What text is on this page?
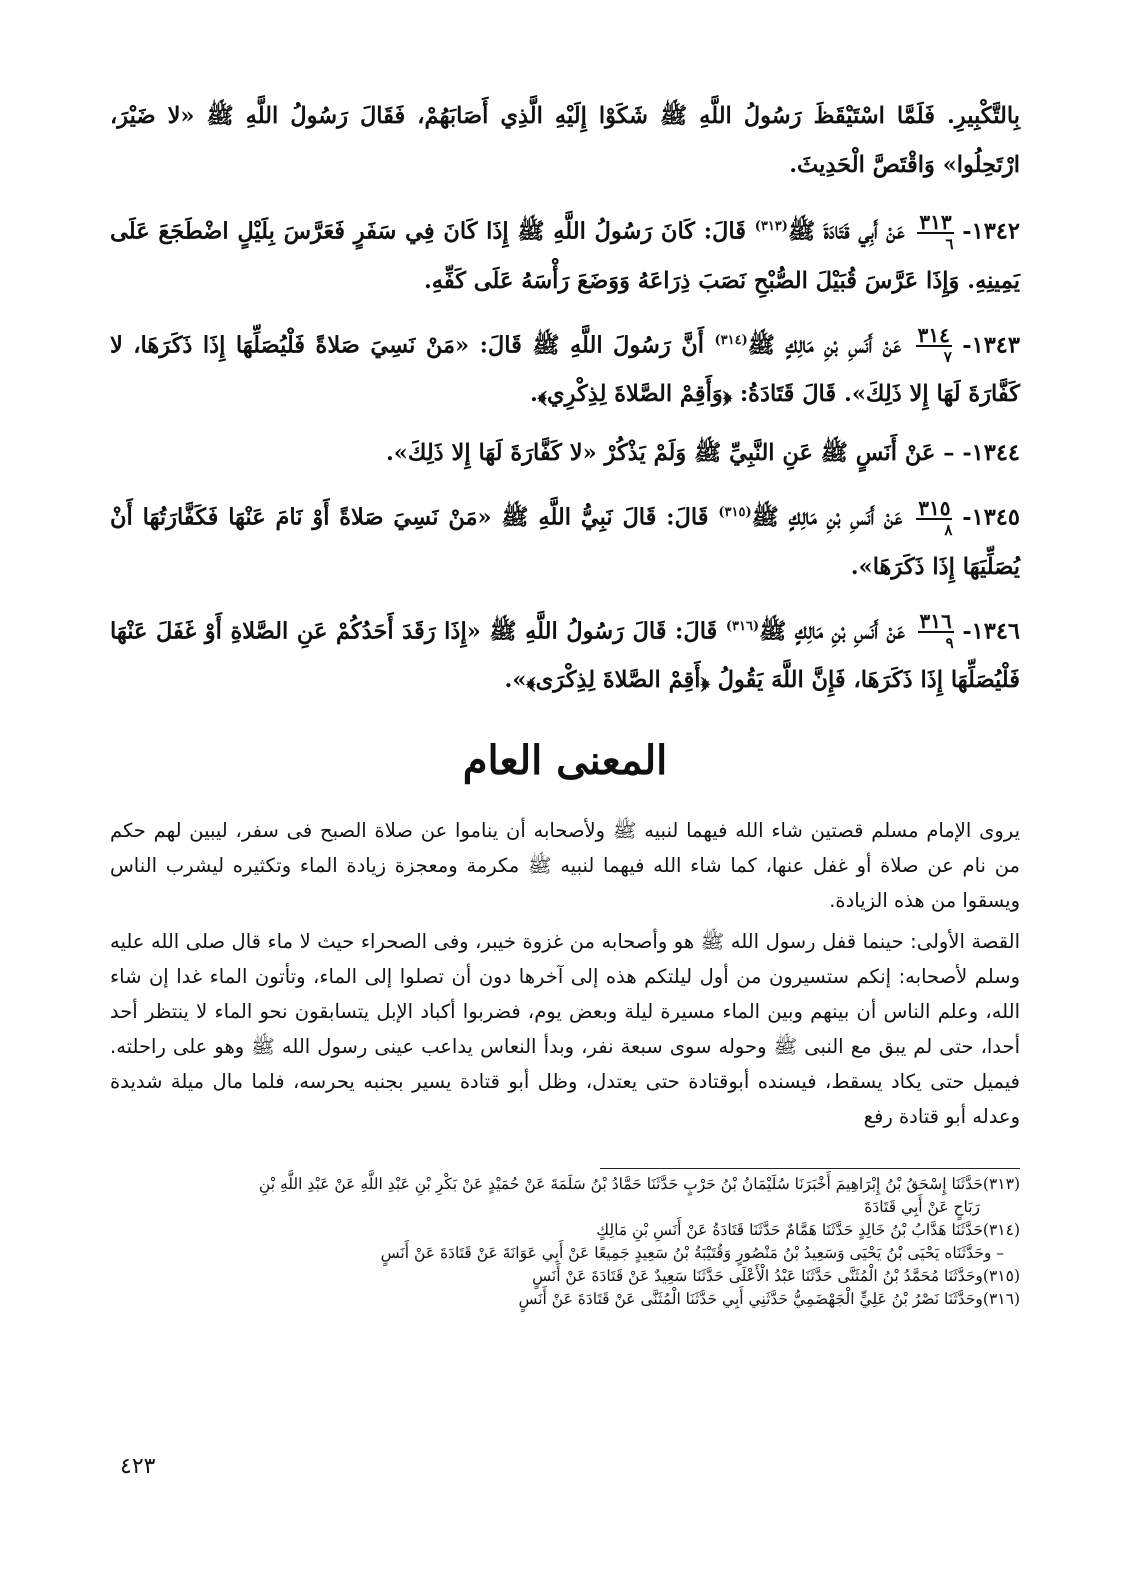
بِالتَّكْبِيرِ. فَلَمَّا اسْتَيْقَظَ رَسُولُ اللَّهِ ﷺ شَكَوْا إِلَيْهِ الَّذِي أَصَابَهُمْ، فَقَالَ رَسُولُ اللَّهِ ﷺ «لا ضَيْرَ، ارْتَحِلُوا» وَاقْتَصَّ الْحَدِيثَ.

١٣٤٢-
٣١٣
٦
عَنْ أَبِي قَتَادَةَ ﷺ$^{(٣١٣)}$ قَالَ: كَانَ رَسُولُ اللَّهِ ﷺ إِذَا كَانَ فِي سَفَرٍ فَعَرَّسَ بِلَيْلٍ اضْطَجَعَ عَلَى يَمِينِهِ. وَإِذَا عَرَّسَ قُبَيْلَ الصُّبْحِ نَصَبَ ذِرَاعَهُ وَوَضَعَ رَأْسَهُ عَلَى كَفِّهِ.

١٣٤٣-
٣١٤
٧
عَنْ أَنَسِ بْنِ مَالِكٍ ﷺ$^{(٣١٤)}$ أَنَّ رَسُولَ اللَّهِ ﷺ قَالَ: «مَنْ نَسِيَ صَلاةً فَلْيُصَلِّهَا إِذَا ذَكَرَهَا، لا كَفَّارَةَ لَهَا إِلا ذَلِكَ». قَالَ قَتَادَةُ: ﴿وَأَقِمْ الصَّلاةَ لِذِكْرِي﴾.

١٣٤٤- – عَنْ أَنَسٍ ﷺ عَنِ النَّبِيِّ ﷺ وَلَمْ يَذْكُرْ «لا كَفَّارَةَ لَهَا إِلا ذَلِكَ».

١٣٤٥-
٣١٥
٨
عَنْ أَنَسِ بْنِ مَالِكٍ ﷺ$^{(٣١٥)}$ قَالَ: قَالَ نَبِيُّ اللَّهِ ﷺ «مَنْ نَسِيَ صَلاةً أَوْ نَامَ عَنْهَا فَكَفَّارَتُهَا أَنْ يُصَلِّيَهَا إِذَا ذَكَرَهَا».

١٣٤٦-
٣١٦
٩
عَنْ أَنَسِ بْنِ مَالِكٍ ﷺ$^{(٣١٦)}$ قَالَ: قَالَ رَسُولُ اللَّهِ ﷺ «إِذَا رَقَدَ أَحَدُكُمْ عَنِ الصَّلاةِ أَوْ غَفَلَ عَنْهَا فَلْيُصَلِّهَا إِذَا ذَكَرَهَا، فَإِنَّ اللَّهَ يَقُولُ ﴿أَقِمْ الصَّلاةَ لِذِكْرَى﴾».

المعنى العام

يروى الإمام مسلم قصتين شاء الله فيهما لنبيه ﷺ ولأصحابه أن يناموا عن صلاة الصبح فى سفر، ليبين لهم حكم من نام عن صلاة أو غفل عنها، كما شاء الله فيهما لنبيه ﷺ مكرمة ومعجزة زيادة الماء وتكثيره ليشرب الناس ويسقوا من هذه الزيادة.

القصة الأولى: حينما قفل رسول الله ﷺ هو وأصحابه من غزوة خيبر، وفى الصحراء حيث لا ماء قال صلى الله عليه وسلم لأصحابه: إنكم ستسيرون من أول ليلتكم هذه إلى آخرها دون أن تصلوا إلى الماء، وتأتون الماء غدا إن شاء الله، وعلم الناس أن بينهم وبين الماء مسيرة ليلة وبعض يوم، فضربوا أكباد الإبل يتسابقون نحو الماء لا ينتظر أحد أحدا، حتى لم يبق مع النبى ﷺ وحوله سوى سبعة نفر، وبدأ النعاس يداعب عينى رسول الله ﷺ وهو على راحلته. فيميل حتى يكاد يسقط، فيسنده أبوقتادة حتى يعتدل، وظل أبو قتادة يسير بجنبه يحرسه، فلما مال ميلة شديدة وعدله أبو قتادة رفع

(٣١٣)حَدَّثَنَا إِسْحَقُ بْنُ إِبْرَاهِيمَ أَخْبَرَنَا سُلَيْمَانُ بْنُ حَرْبٍ حَدَّثَنَا حَمَّادُ بْنُ سَلَمَةَ عَنْ حُمَيْدٍ عَنْ بَكْرِ بْنِ عَبْدِ اللَّهِ عَنْ عَبْدِ اللَّهِ بْنِ
رَبَاحٍ عَنْ أَبِي قَتَادَةَ
(٣١٤)حَدَّثَنَا هَدَّابُ بْنُ خَالِدٍ حَدَّثَنَا هَمَّامٌ حَدَّثَنَا قَتَادَةُ عَنْ أَنَسِ بْنِ مَالِكٍ
– وحَدَّثَنَاه يَحْيَى بْنُ يَحْيَى وَسَعِيدُ بْنُ مَنْصُورٍ وَقُتَيْبَةُ بْنُ سَعِيدٍ جَمِيعًا عَنْ أَبِي عَوَانَةَ عَنْ قَتَادَةَ عَنْ أَنَسٍ
(٣١٥)وحَدَّثَنَا مُحَمَّدُ بْنُ الْمُثَنَّى حَدَّثَنَا عَبْدُ الْأَعْلَى حَدَّثَنَا سَعِيدٌ عَنْ قَتَادَةَ عَنْ أَنَسٍ
(٣١٦)وحَدَّثَنَا نَصْرُ بْنُ عَلِيٍّ الْجَهْضَمِيُّ حَدَّثَنِي أَبِي حَدَّثَنَا الْمُثَنَّى عَنْ قَتَادَةَ عَنْ أَنَسٍ
٤٢٣
